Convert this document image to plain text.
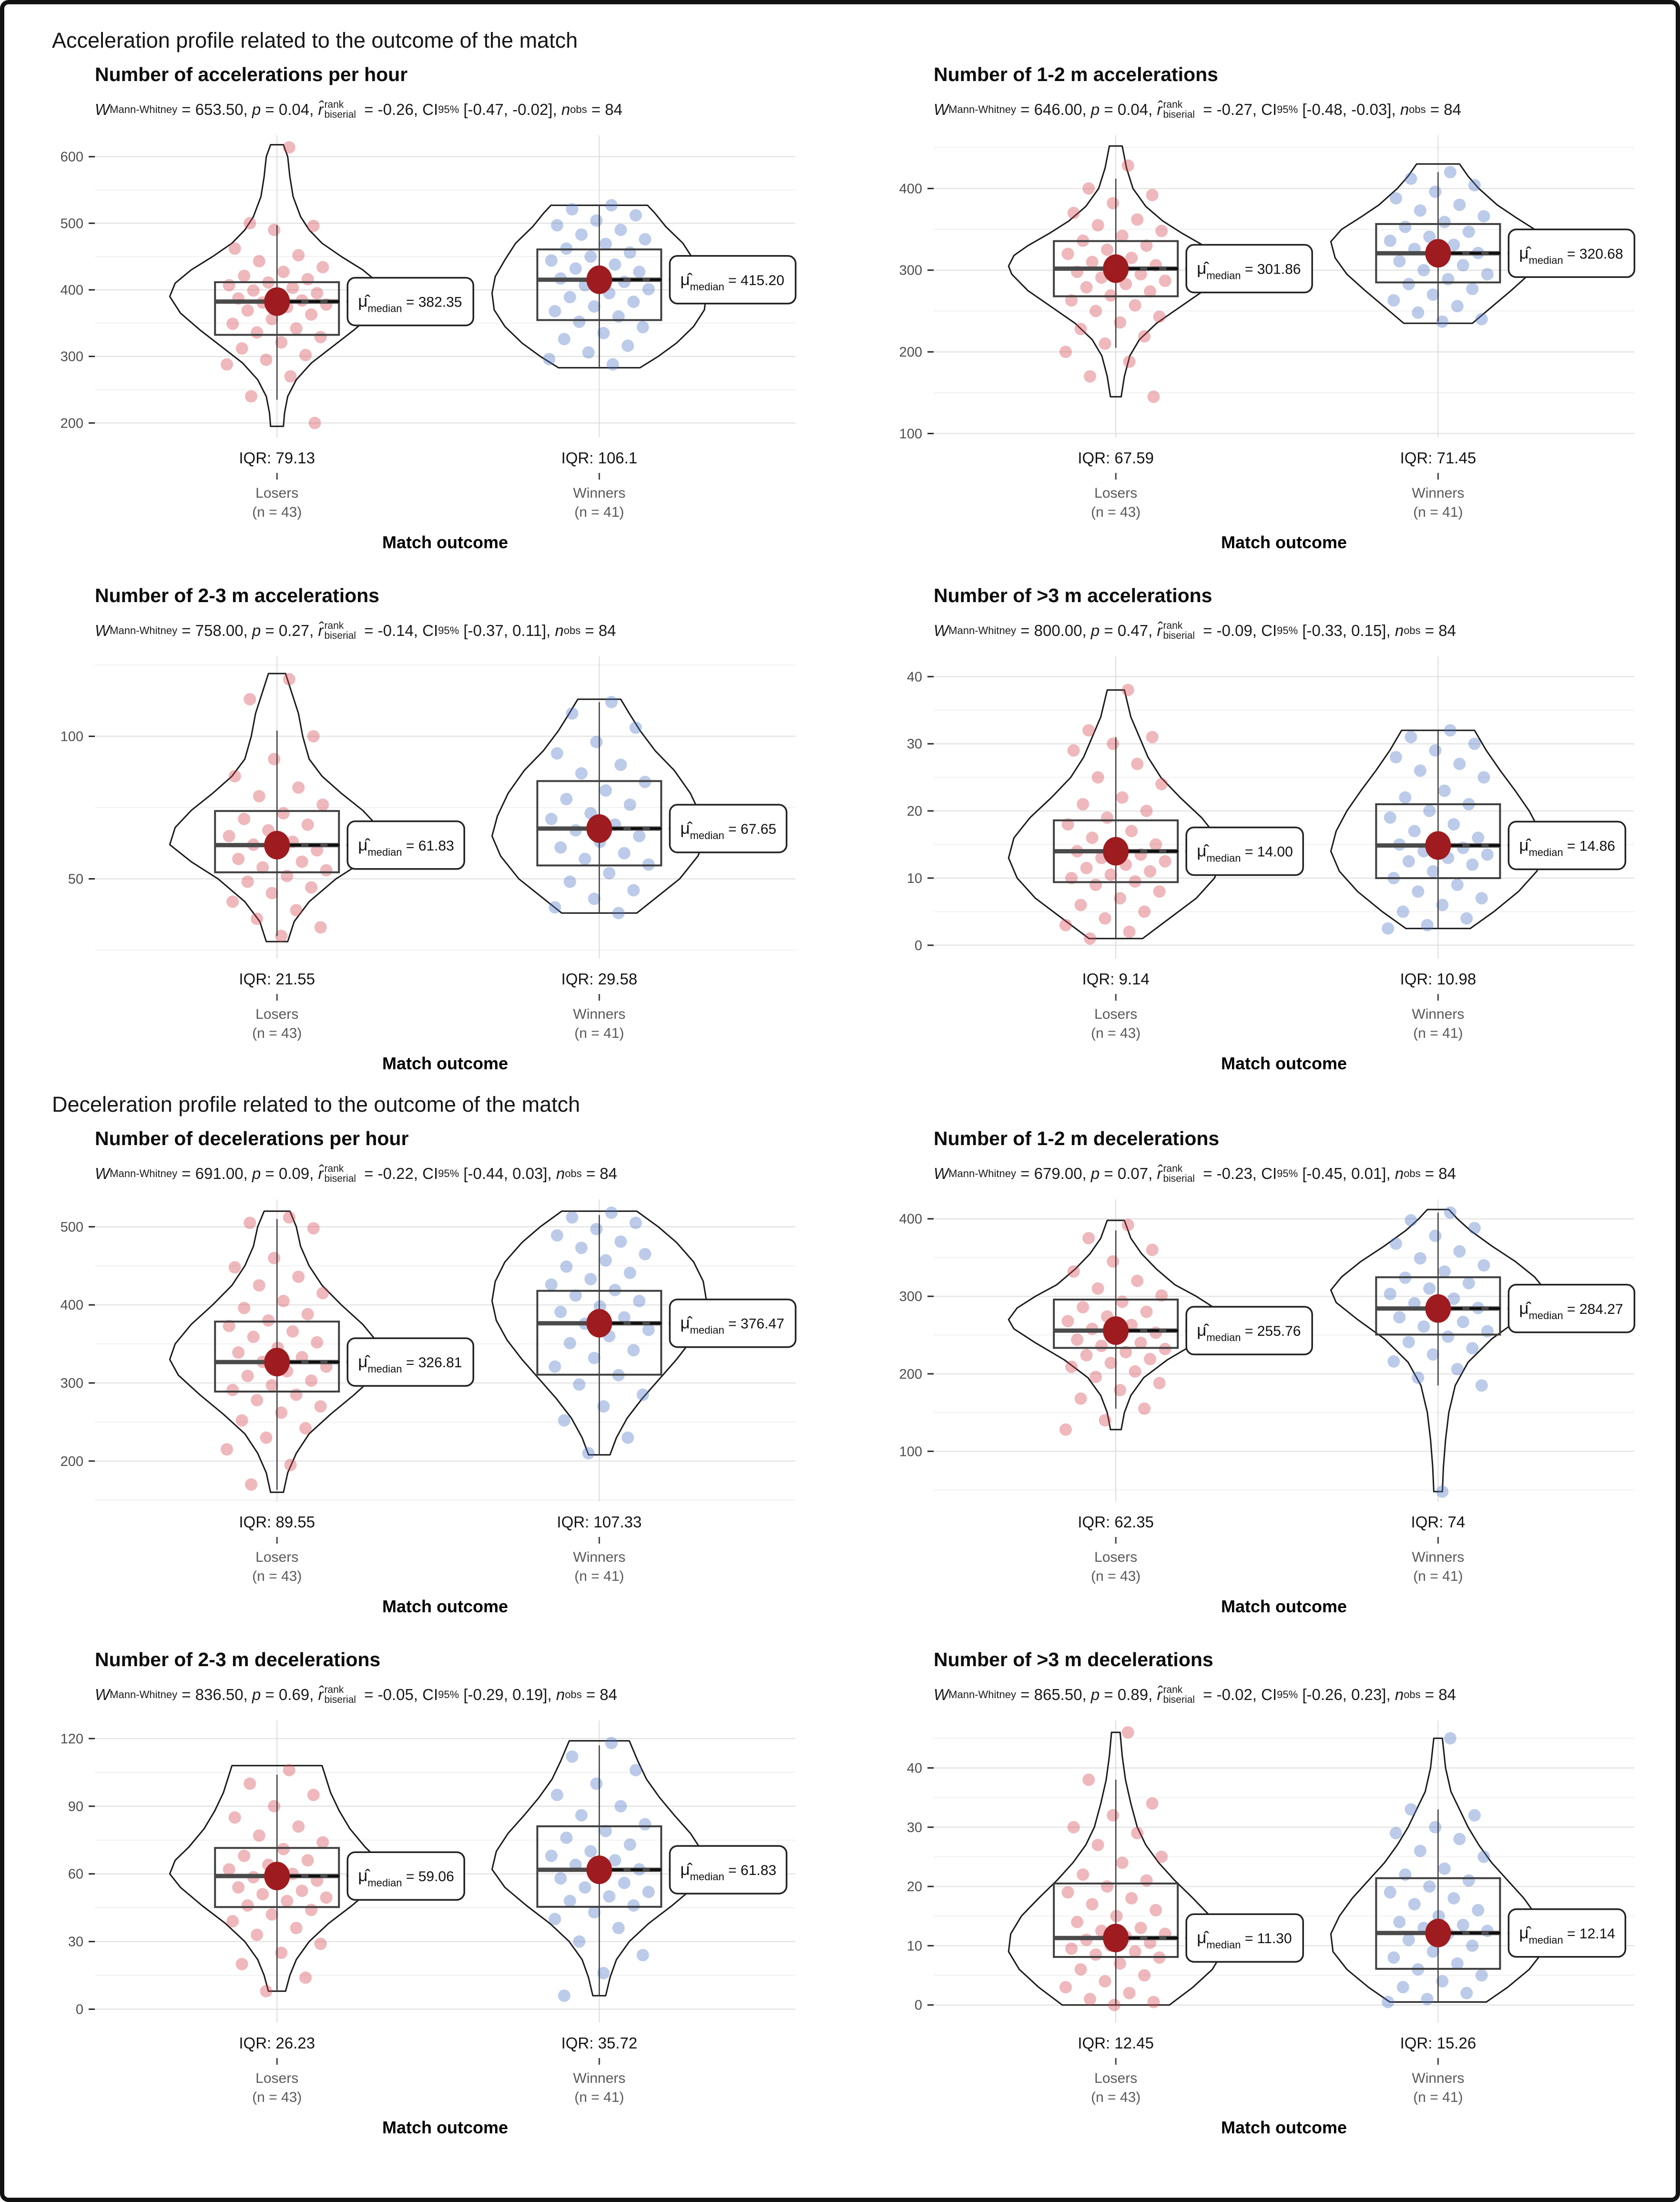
Acceleration profile related to the outcome of the match
Number of accelerations per hour
W Mann-Whitney = 653.50 , p = 0.04 , r̂ rank
biserial = -0.26 , CI 95%
[-0.47, -0.02] , n obs = 84
200
300
400
500
600
μ̂median = 382.35
IQR: 79.13
Losers
(n = 43)
μ̂median = 415.20
IQR: 106.1
Winners
(n = 41)
Match outcome
Number of 1-2 m accelerations
W Mann-Whitney = 646.00 , p = 0.04 , r̂ rank
biserial = -0.27 , CI 95%
[-0.48, -0.03] , n obs = 84
100
200
300
400
μ̂median = 301.86
IQR: 67.59
Losers
(n = 43)
μ̂median = 320.68
IQR: 71.45
Winners
(n = 41)
Match outcome
Number of 2-3 m accelerations
W Mann-Whitney = 758.00 , p = 0.27 , r̂ rank
biserial = -0.14 , CI 95%
[-0.37, 0.11] , n obs = 84
50
100
μ̂median = 61.83
IQR: 21.55
Losers
(n = 43)
μ̂median = 67.65
IQR: 29.58
Winners
(n = 41)
Match outcome
Number of >3 m accelerations
W Mann-Whitney = 800.00 , p = 0.47 , r̂ rank
biserial = -0.09 , CI 95%
[-0.33, 0.15] , n obs = 84
0
10
20
30
40
μ̂median = 14.00
IQR: 9.14
Losers
(n = 43)
μ̂median = 14.86
IQR: 10.98
Winners
(n = 41)
Match outcome
Deceleration profile related to the outcome of the match
Number of decelerations per hour
W Mann-Whitney = 691.00 , p = 0.09 , r̂ rank
biserial = -0.22 , CI 95%
[-0.44, 0.03] , n obs = 84
200
300
400
500
μ̂median = 326.81
IQR: 89.55
Losers
(n = 43)
μ̂median = 376.47
IQR: 107.33
Winners
(n = 41)
Match outcome
Number of 1-2 m decelerations
W Mann-Whitney = 679.00 , p = 0.07 , r̂ rank
biserial = -0.23 , CI 95%
[-0.45, 0.01] , n obs = 84
100
200
300
400
μ̂median = 255.76
IQR: 62.35
Losers
(n = 43)
μ̂median = 284.27
IQR: 74
Winners
(n = 41)
Match outcome
Number of 2-3 m decelerations
W Mann-Whitney = 836.50 , p = 0.69 , r̂ rank
biserial = -0.05 , CI 95%
[-0.29, 0.19] , n obs = 84
0
30
60
90
120
μ̂median = 59.06
IQR: 26.23
Losers
(n = 43)
μ̂median = 61.83
IQR: 35.72
Winners
(n = 41)
Match outcome
Number of >3 m decelerations
W Mann-Whitney = 865.50 , p = 0.89 , r̂ rank
biserial = -0.02 , CI 95%
[-0.26, 0.23] , n obs = 84
0
10
20
30
40
μ̂median = 11.30
IQR: 12.45
Losers
(n = 43)
μ̂median = 12.14
IQR: 15.26
Winners
(n = 41)
Match outcome
